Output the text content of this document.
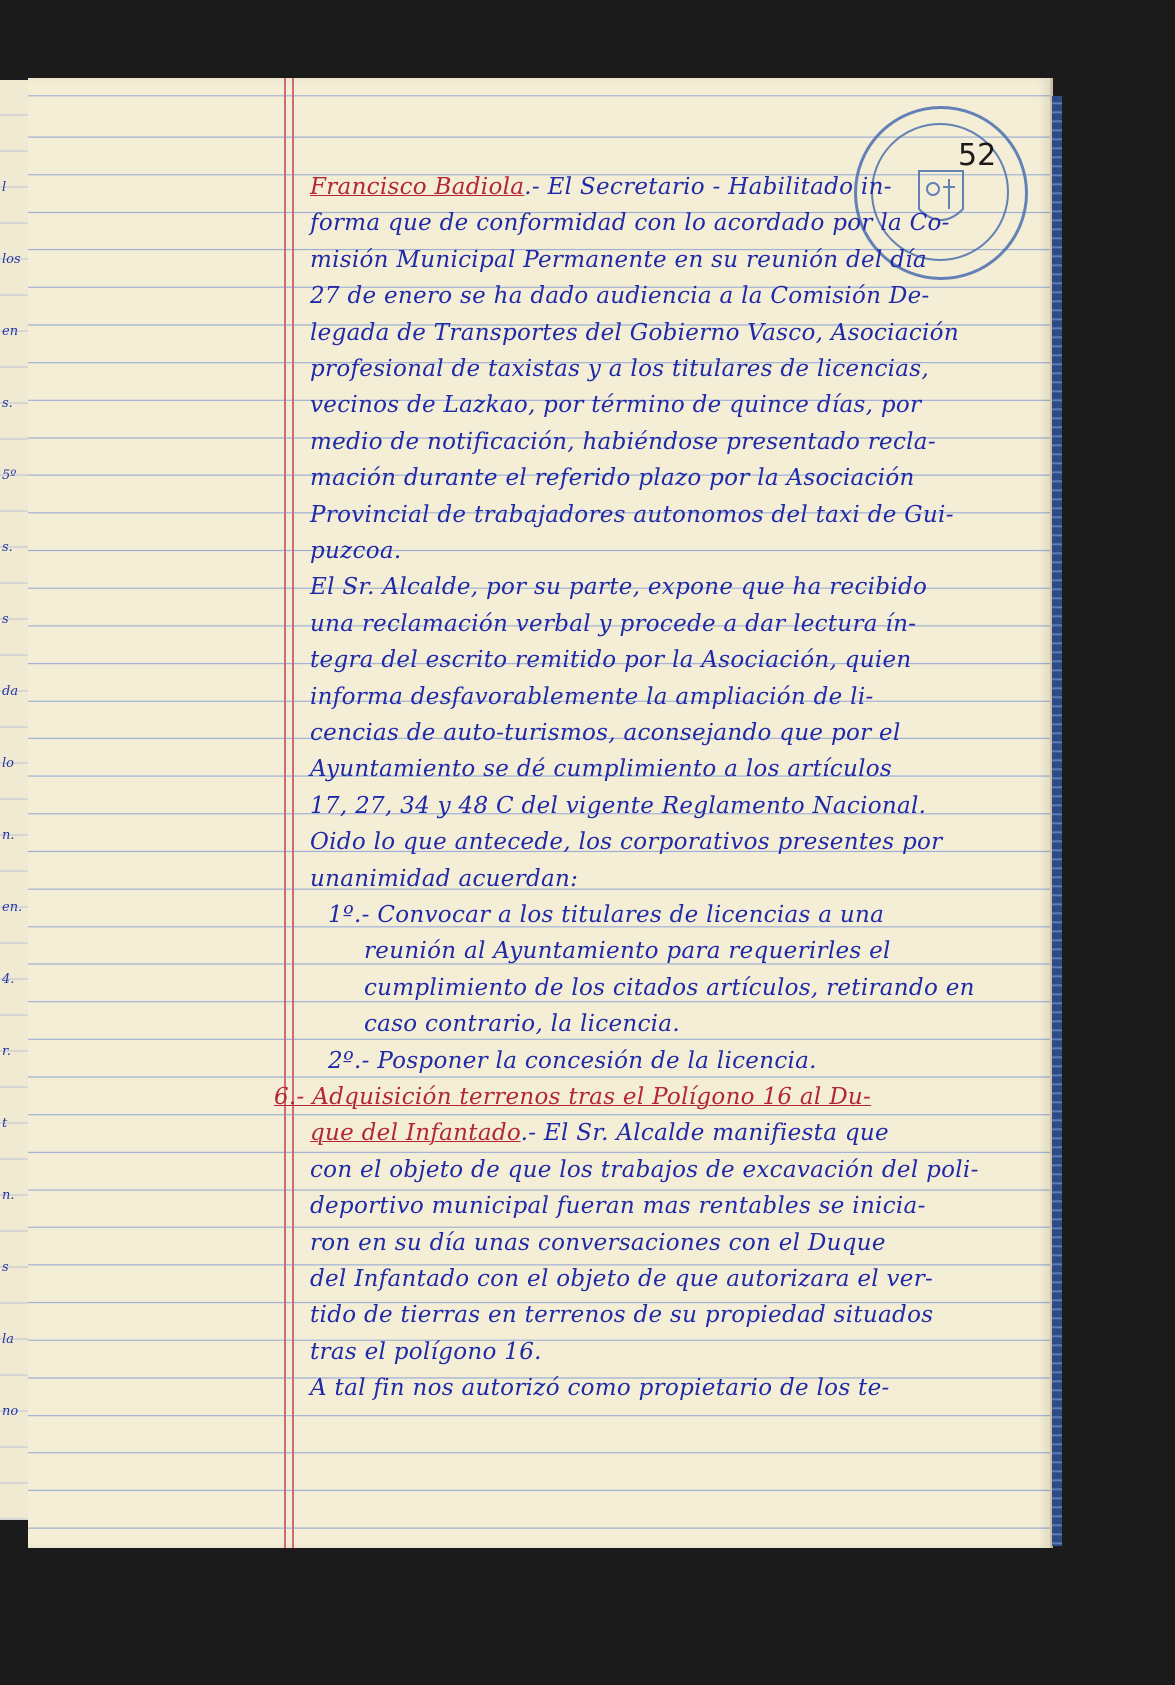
l
los
en
s.
5º
s.
s
da
lo
n.
en.
4.
r.
t
n.
s
la
no
52
Francisco Badiola.- El Secretario - Habilitado in-
forma que de conformidad con lo acordado por la Co-
misión Municipal Permanente en su reunión del día
27 de enero se ha dado audiencia a la Comisión De-
legada de Transportes del Gobierno Vasco, Asociación
profesional de taxistas y a los titulares de licencias,
vecinos de Lazkao, por término de quince días, por
medio de notificación, habiéndose presentado recla-
mación durante el referido plazo por la Asociación
Provincial de trabajadores autonomos del taxi de Gui-
puzcoa.
El Sr. Alcalde, por su parte, expone que ha recibido
una reclamación verbal y procede a dar lectura ín-
tegra del escrito remitido por la Asociación, quien
informa desfavorablemente la ampliación de li-
cencias de auto-turismos, aconsejando que por el
Ayuntamiento se dé cumplimiento a los artículos
17, 27, 34 y 48 C del vigente Reglamento Nacional.
Oido lo que antecede, los corporativos presentes por
unanimidad acuerdan:
1º.- Convocar a los titulares de licencias a una
reunión al Ayuntamiento para requerirles el
cumplimiento de los citados artículos, retirando en
caso contrario, la licencia.
2º.- Posponer la concesión de la licencia.
6.- Adquisición terrenos tras el Polígono 16 al Du-
que del Infantado.- El Sr. Alcalde manifiesta que
con el objeto de que los trabajos de excavación del poli-
deportivo municipal fueran mas rentables se inicia-
ron en su día unas conversaciones con el Duque
del Infantado con el objeto de que autorizara el ver-
tido de tierras en terrenos de su propiedad situados
tras el polígono 16.
A tal fin nos autorizó como propietario de los te-
